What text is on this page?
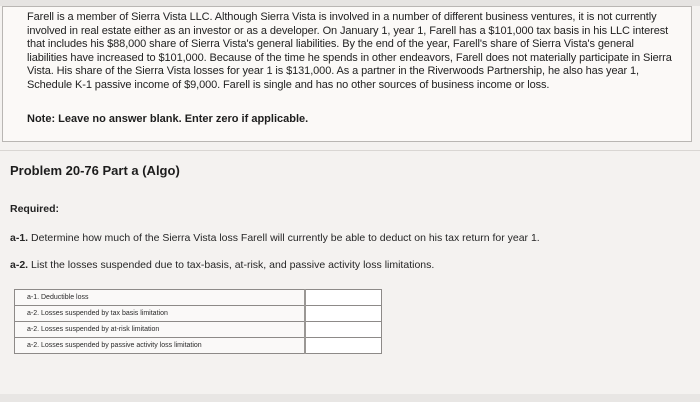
Farell is a member of Sierra Vista LLC. Although Sierra Vista is involved in a number of different business ventures, it is not currently involved in real estate either as an investor or as a developer. On January 1, year 1, Farell has a $101,000 tax basis in his LLC interest that includes his $88,000 share of Sierra Vista's general liabilities. By the end of the year, Farell's share of Sierra Vista's general liabilities have increased to $101,000. Because of the time he spends in other endeavors, Farell does not materially participate in Sierra Vista. His share of the Sierra Vista losses for year 1 is $131,000. As a partner in the Riverwoods Partnership, he also has year 1, Schedule K-1 passive income of $9,000. Farell is single and has no other sources of business income or loss.
Note: Leave no answer blank. Enter zero if applicable.
Problem 20-76 Part a (Algo)
Required:
a-1. Determine how much of the Sierra Vista loss Farell will currently be able to deduct on his tax return for year 1.
a-2. List the losses suspended due to tax-basis, at-risk, and passive activity loss limitations.
a-1. Deductible loss	
a-2. Losses suspended by tax basis limitation	
a-2. Losses suspended by at-risk limitation	
a-2. Losses suspended by passive activity loss limitation	
